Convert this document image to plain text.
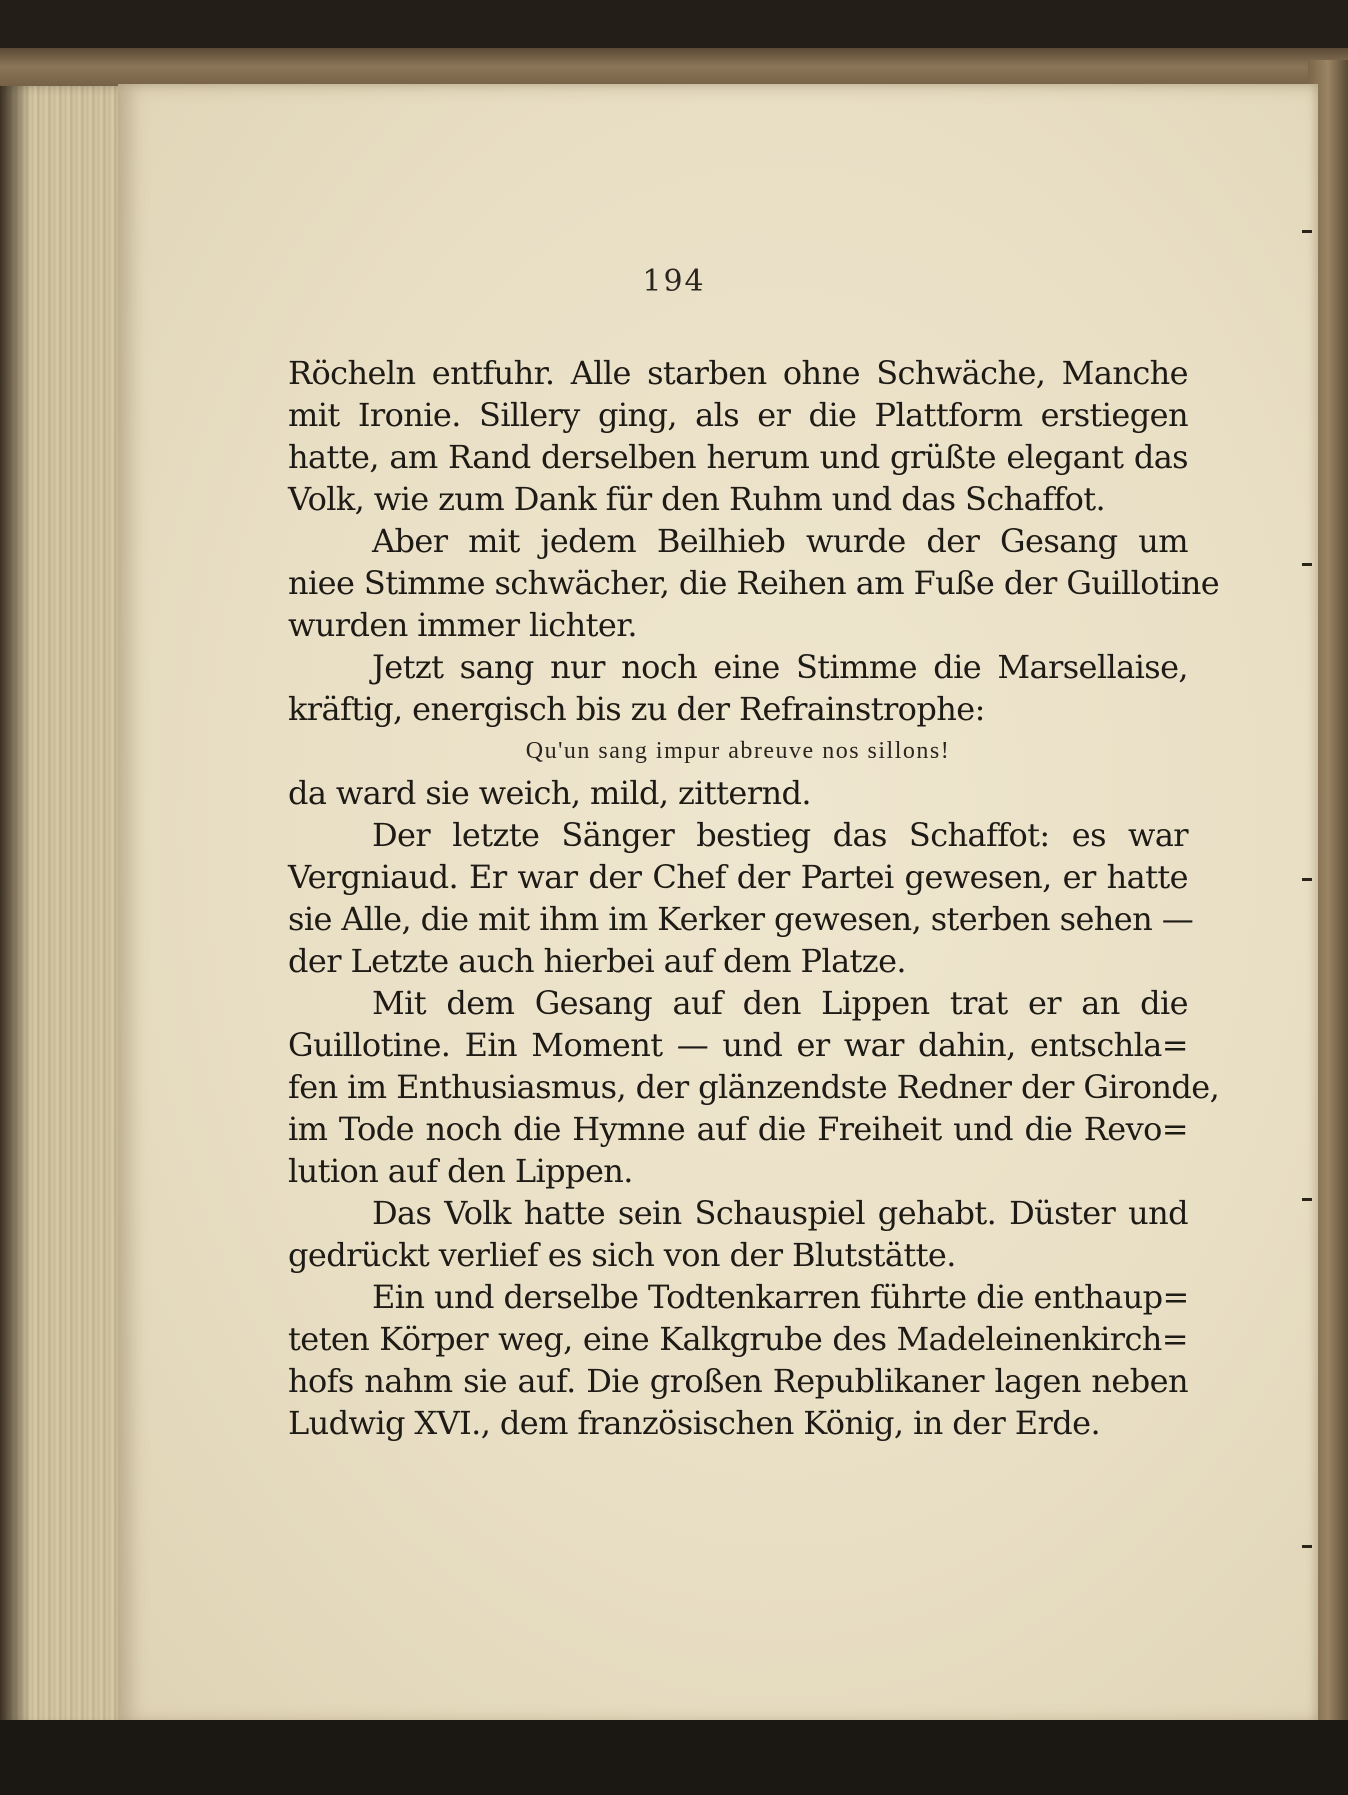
194
Röcheln entfuhr. Alle starben ohne Schwäche, Manche
mit Ironie. Sillery ging, als er die Plattform erstiegen
hatte, am Rand derselben herum und grüßte elegant das
Volk, wie zum Dank für den Ruhm und das Schaffot.
Aber mit jedem Beilhieb wurde der Gesang um
niee Stimme schwächer, die Reihen am Fuße der Guillotine
wurden immer lichter.
Jetzt sang nur noch eine Stimme die Marsellaise,
kräftig, energisch bis zu der Refrainstrophe:
Qu'un sang impur abreuve nos sillons!
da ward sie weich, mild, zitternd.
Der letzte Sänger bestieg das Schaffot: es war
Vergniaud. Er war der Chef der Partei gewesen, er hatte
sie Alle, die mit ihm im Kerker gewesen, sterben sehen —
der Letzte auch hierbei auf dem Platze.
Mit dem Gesang auf den Lippen trat er an die
Guillotine. Ein Moment — und er war dahin, entschla=
fen im Enthusiasmus, der glänzendste Redner der Gironde,
im Tode noch die Hymne auf die Freiheit und die Revo=
lution auf den Lippen.
Das Volk hatte sein Schauspiel gehabt. Düster und
gedrückt verlief es sich von der Blutstätte.
Ein und derselbe Todtenkarren führte die enthaup=
teten Körper weg, eine Kalkgrube des Madeleinenkirch=
hofs nahm sie auf. Die großen Republikaner lagen neben
Ludwig XVI., dem französischen König, in der Erde.
